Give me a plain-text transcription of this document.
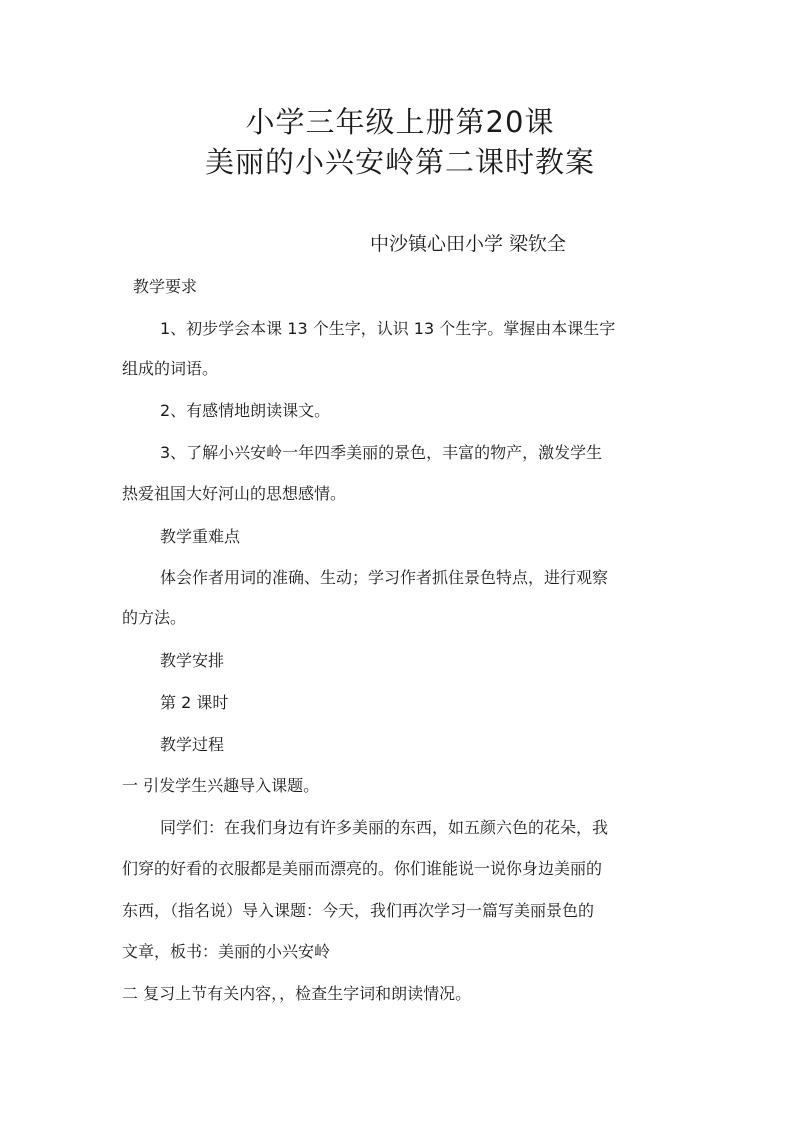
小学三年级上册第20课
美丽的小兴安岭第二课时教案
中沙镇心田小学 梁钦全
教学要求
1、初步学会本课 13 个生字，认识 13 个生字。掌握由本课生字
组成的词语。
2、有感情地朗读课文。
3、了解小兴安岭一年四季美丽的景色，丰富的物产，激发学生
热爱祖国大好河山的思想感情。
教学重难点
体会作者用词的准确、生动；学习作者抓住景色特点，进行观察
的方法。
教学安排
第 2 课时
教学过程
一 引发学生兴趣导入课题。
同学们：在我们身边有许多美丽的东西，如五颜六色的花朵，我
们穿的好看的衣服都是美丽而漂亮的。你们谁能说一说你身边美丽的
东西，（指名说）导入课题：今天，我们再次学习一篇写美丽景色的
文章，板书：美丽的小兴安岭
二 复习上节有关内容，，检查生字词和朗读情况。
